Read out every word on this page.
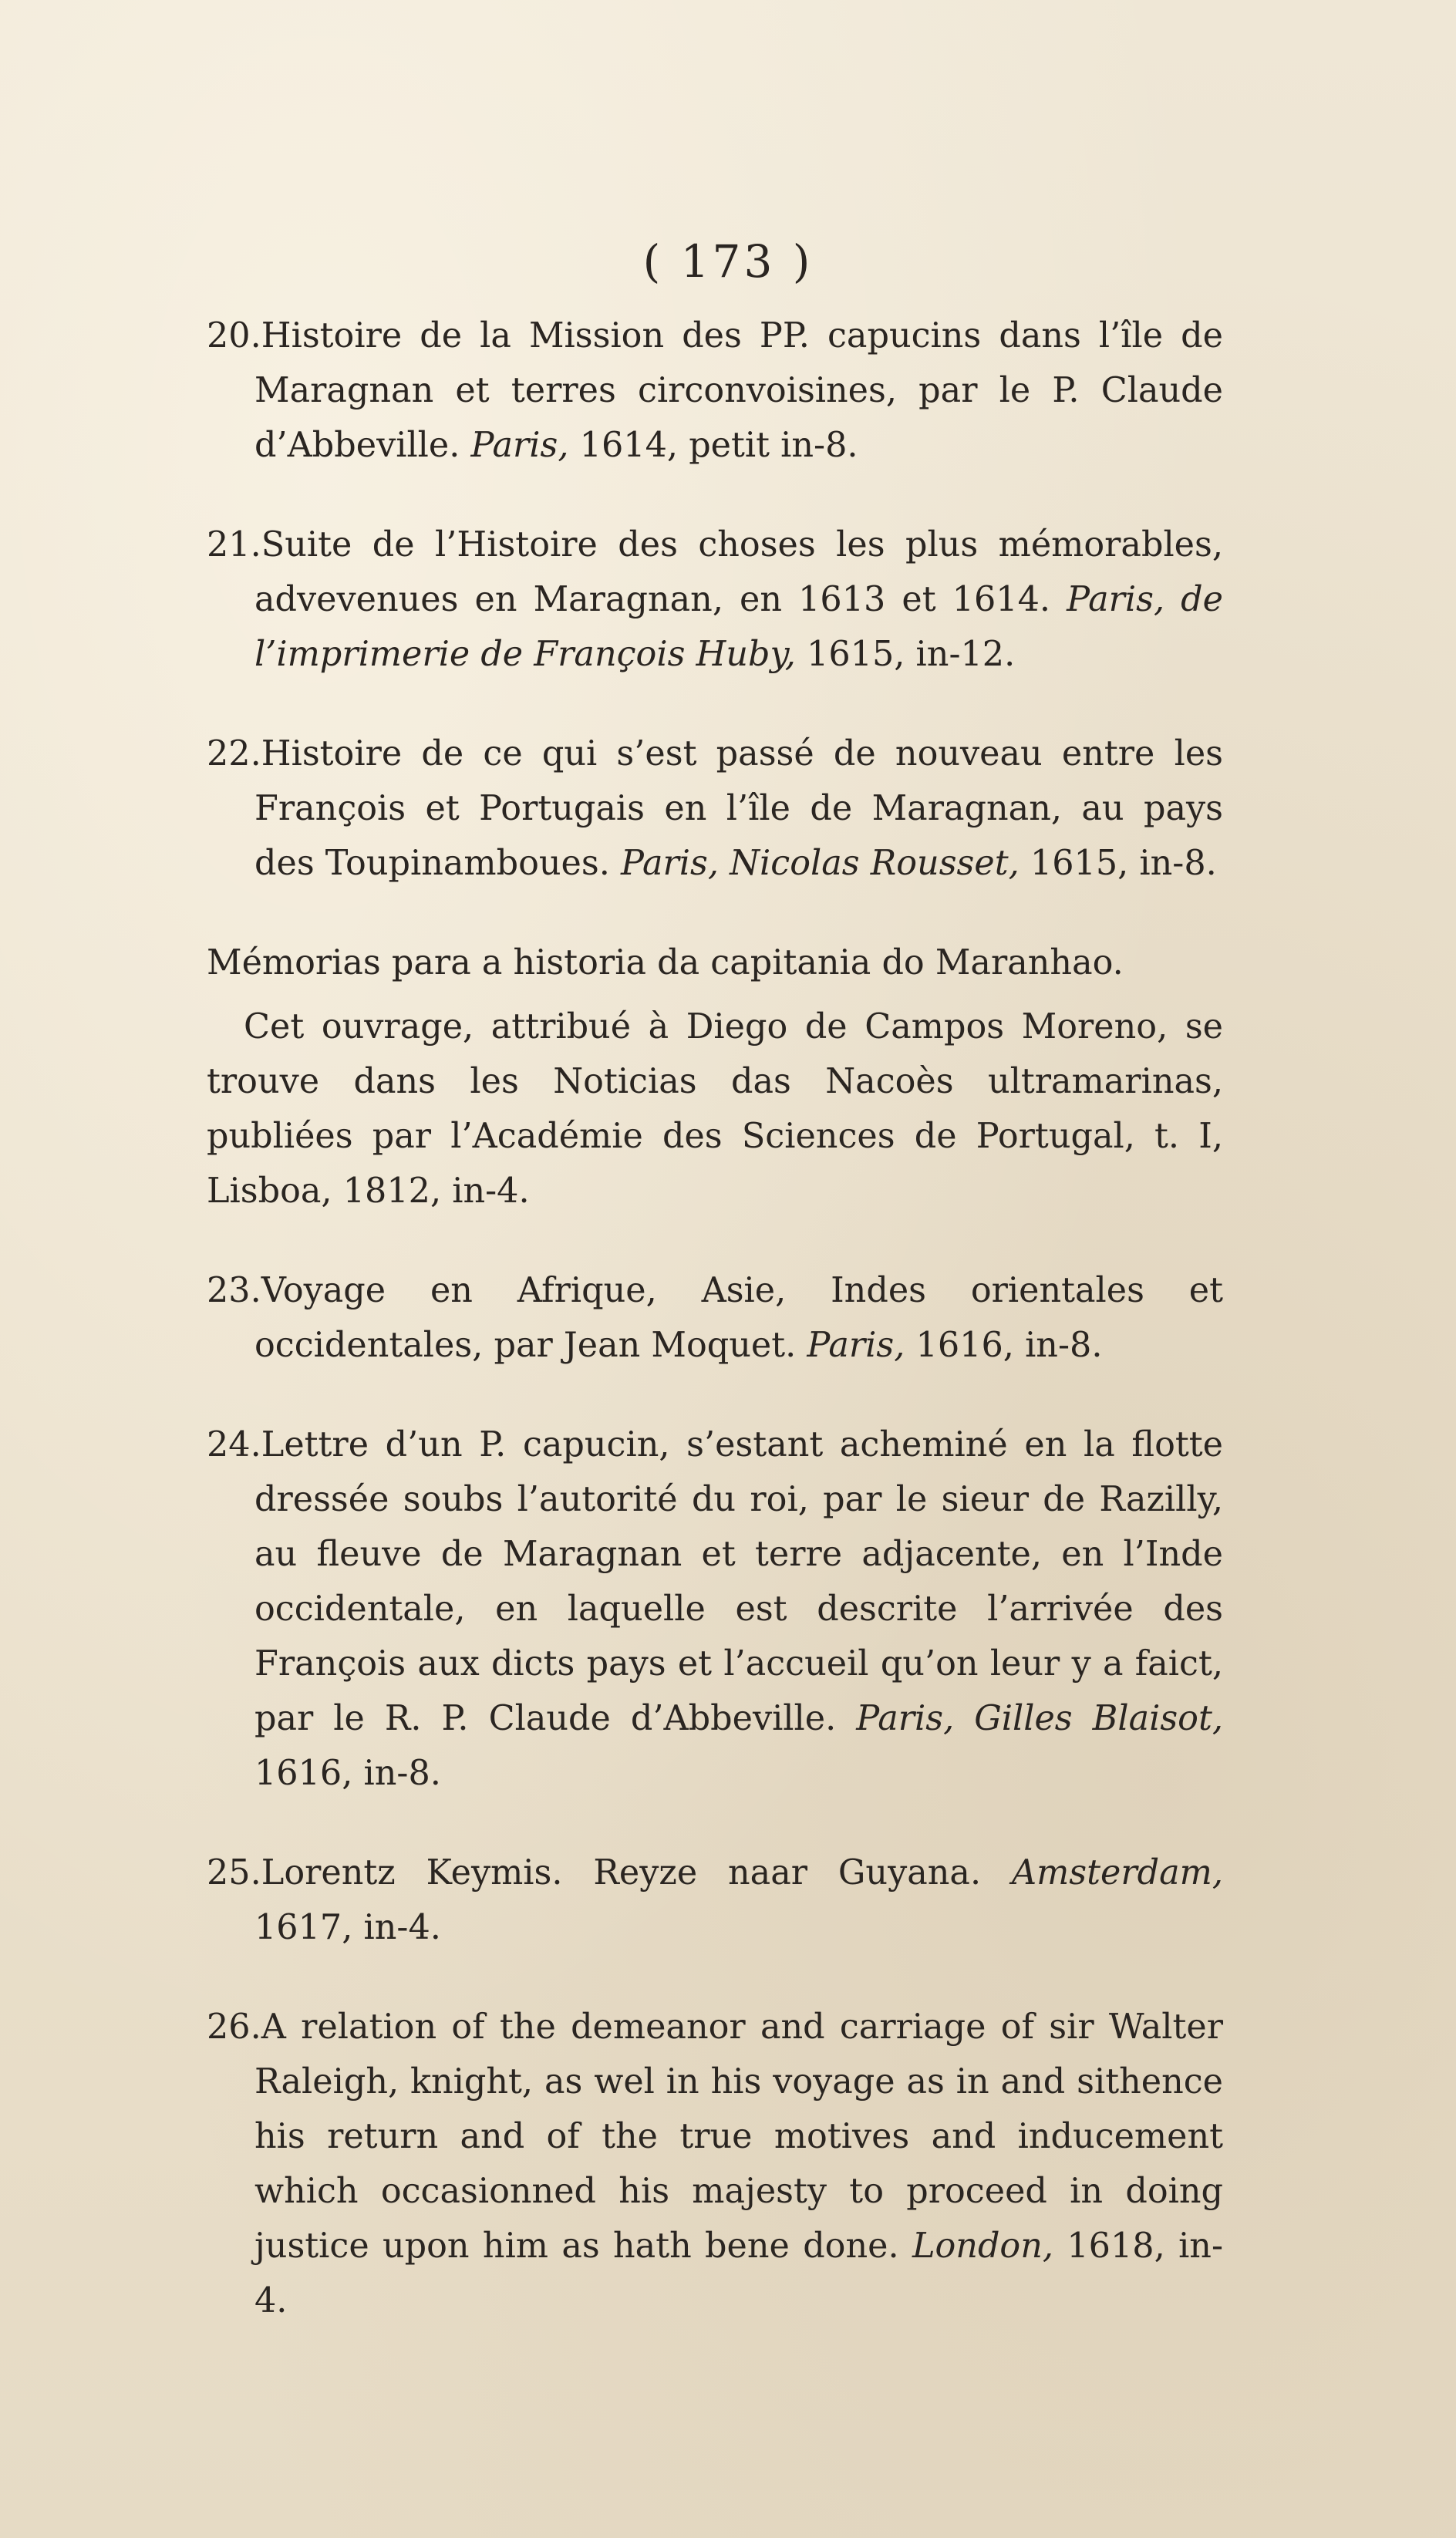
( 173 )

20.Histoire de la Mission des PP. capucins dans l’île de Maragnan et terres circonvoisines, par le P. Claude d’Abbeville. Paris, 1614, petit in-8.

21.Suite de l’Histoire des choses les plus mémorables, advevenues en Maragnan, en 1613 et 1614. Paris, de l’imprimerie de François Huby, 1615, in-12.

22.Histoire de ce qui s’est passé de nouveau entre les François et Portugais en l’île de Maragnan, au pays des Toupinamboues. Paris, Nicolas Rousset, 1615, in-8.

Mémorias para a historia da capitania do Maranhao.

Cet ouvrage, attribué à Diego de Campos Moreno, se trouve dans les Noticias das Nacoès ultramarinas, publiées par l’Académie des Sciences de Portugal, t. I, Lisboa, 1812, in-4.

23.Voyage en Afrique, Asie, Indes orientales et occidentales, par Jean Moquet. Paris, 1616, in-8.

24.Lettre d’un P. capucin, s’estant acheminé en la flotte dressée soubs l’autorité du roi, par le sieur de Razilly, au fleuve de Maragnan et terre adjacente, en l’Inde occidentale, en laquelle est descrite l’arrivée des François aux dicts pays et l’accueil qu’on leur y a faict, par le R. P. Claude d’Abbeville. Paris, Gilles Blaisot, 1616, in-8.

25.Lorentz Keymis. Reyze naar Guyana. Amsterdam, 1617, in-4.

26.A relation of the demeanor and carriage of sir Walter Raleigh, knight, as wel in his voyage as in and sithence his return and of the true motives and inducement which occasionned his majesty to proceed in doing justice upon him as hath bene done. London, 1618, in-4.
